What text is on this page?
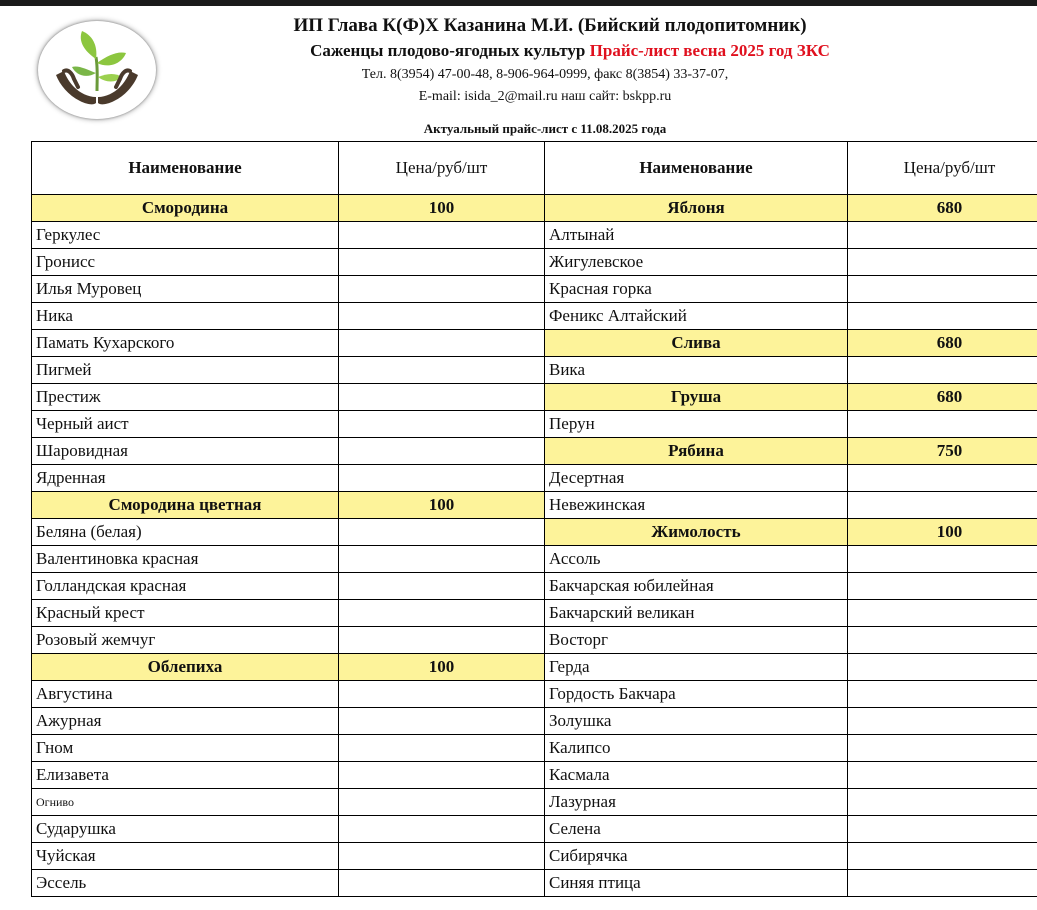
ИП Глава К(Ф)Х Казанина М.И. (Бийский плодопитомник)
Саженцы плодово-ягодных культур Прайс-лист весна 2025 год ЗКС
Тел. 8(3954) 47-00-48, 8-906-964-0999, факс 8(3854) 33-37-07,
E-mail: isida_2@mail.ru наш сайт: bskpp.ru
Актуальный прайс-лист с 11.08.2025 года
Наименование	Цена/руб/шт	Наименование	Цена/руб/шт
Смородина	100	Яблоня	680
Геркулес		Алтынай	
Гронисс		Жигулевское	
Илья Муровец		Красная горка	
Ника		Феникс Алтайский	
Памать Кухарского		Слива	680
Пигмей		Вика	
Престиж		Груша	680
Черный аист		Перун	
Шаровидная		Рябина	750
Ядренная		Десертная	
Смородина цветная	100	Невежинская	
Беляна (белая)		Жимолость	100
Валентиновка красная		Ассоль	
Голландская красная		Бакчарская юбилейная	
Красный крест		Бакчарский великан	
Розовый жемчуг		Восторг	
Облепиха	100	Герда	
Августина		Гордость Бакчара	
Ажурная		Золушка	
Гном		Калипсо	
Елизавета		Касмала	
Огниво		Лазурная	
Сударушка		Селена	
Чуйская		Сибирячка	
Эссель		Синяя птица	
